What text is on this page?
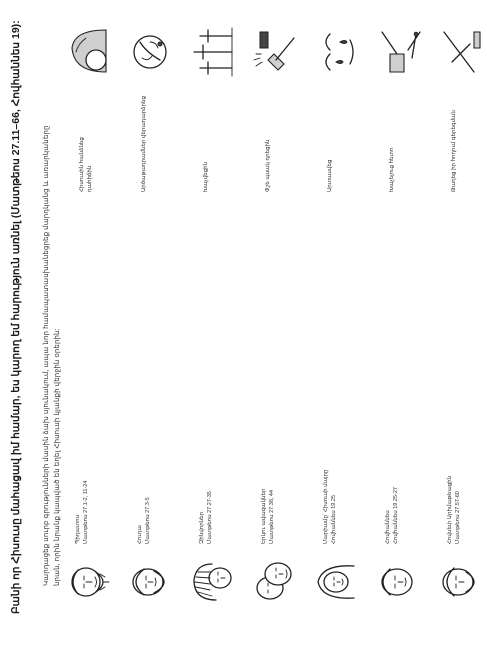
Բանի որ Հիսուսը մահացավ իմ համար, ես կարող եմ հարություն առնել (Մատթեոս 27.11–66, Հովհաննես 19):	Կարդացեք սուրբ գրությունների մասին ձախ սյունակում, ապա նոր համապատասխանեցրեք մարդկանց և առարկաները նրան, որին նրանք կապված են եղել Հիսուսի կյանքի վերջին օրերին:	Պիղատոս Մատթեոս 27.1-2, 11-24
Հիսուսին հանձնեց դահիճին
Հուդա Մատթեոս 27.3-5
Արծաթադրամներ վերադարձրեց
Զինվորներ Մատթեոս 27.27-35
Խաչվեցին
Երկու ավազակներ Մատթեոս 27.38, 44
Փշե պսակ դրեցին
Մարիամը՝ Հիսուսի մայրը Հովհաննես 19.25
Արտասվեց
Հովհաննես Հովհաննես 19.25-27
Խաչելուց հետո
Հովսեփ Արիմաթեացին Մատթեոս 27.57-60
Թաղեց իր հողում գերեզման
